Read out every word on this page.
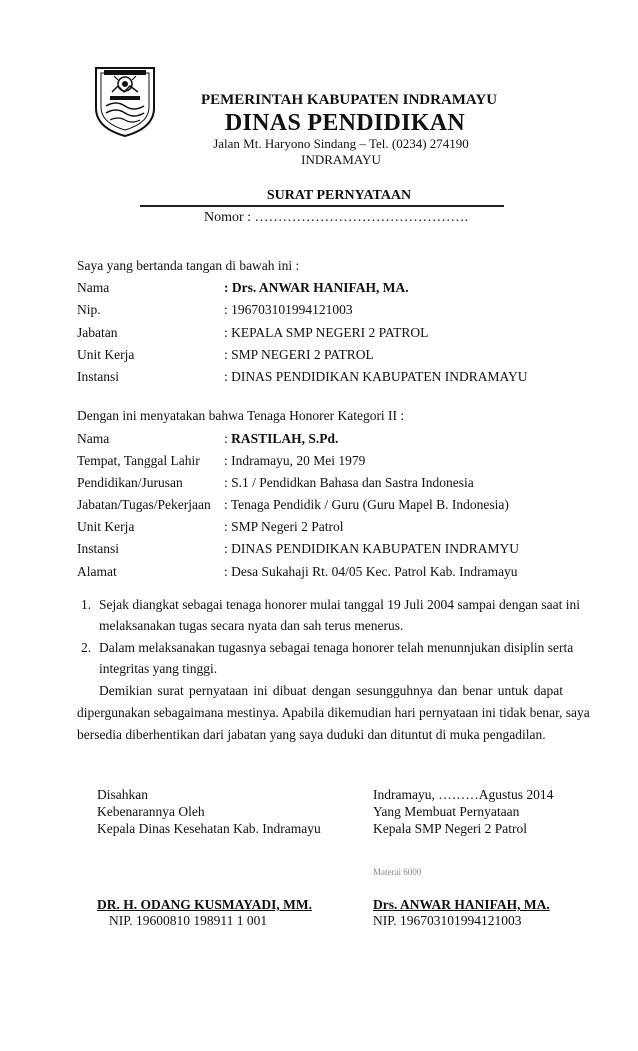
PEMERINTAH KABUPATEN INDRAMAYU
DINAS PENDIDIKAN
Jalan Mt. Haryono Sindang – Tel. (0234) 274190
INDRAMAYU
SURAT PERNYATAAN
Nomor : ……………………………………….
Saya yang bertanda tangan di bawah ini :
Nama	: Drs. ANWAR HANIFAH, MA.
Nip.	: 196703101994121003
Jabatan	: KEPALA SMP NEGERI 2 PATROL
Unit Kerja	: SMP NEGERI 2 PATROL
Instansi	: DINAS PENDIDIKAN KABUPATEN INDRAMAYU
Dengan ini menyatakan bahwa Tenaga Honorer Kategori II :
Nama	: RASTILAH, S.Pd.
Tempat, Tanggal Lahir : Indramayu, 20 Mei 1979
Pendidikan/Jurusan	: S.1 / Pendidkan Bahasa dan Sastra Indonesia
Jabatan/Tugas/Pekerjaan : Tenaga Pendidik / Guru (Guru Mapel B. Indonesia)
Unit Kerja	: SMP Negeri 2 Patrol
Instansi	: DINAS PENDIDIKAN KABUPATEN INDRAMYU
Alamat	: Desa Sukahaji Rt. 04/05 Kec. Patrol Kab. Indramayu
1. Sejak diangkat sebagai tenaga honorer mulai tanggal 19 Juli 2004 sampai dengan saat ini
melaksanakan tugas secara nyata dan sah terus menerus.
2. Dalam melaksanakan tugasnya sebagai tenaga honorer telah menunnjukan disiplin serta
integritas yang tinggi.
Demikian surat pernyataan ini dibuat dengan sesungguhnya dan benar untuk dapat
dipergunakan sebagaimana mestinya. Apabila dikemudian hari pernyataan ini tidak benar, saya
bersedia diberhentikan dari jabatan yang saya duduki dan dituntut di muka pengadilan.
Disahkan
Kebenarannya Oleh
Kepala Dinas Kesehatan Kab. Indramayu
DR. H. ODANG KUSMAYADI, MM.
NIP. 19600810 198911 1 001
Indramayu, ………Agustus 2014
Yang Membuat Pernyataan
Kepala SMP Negeri 2 Patrol
Materai 6000
Drs. ANWAR HANIFAH, MA.
NIP. 196703101994121003
